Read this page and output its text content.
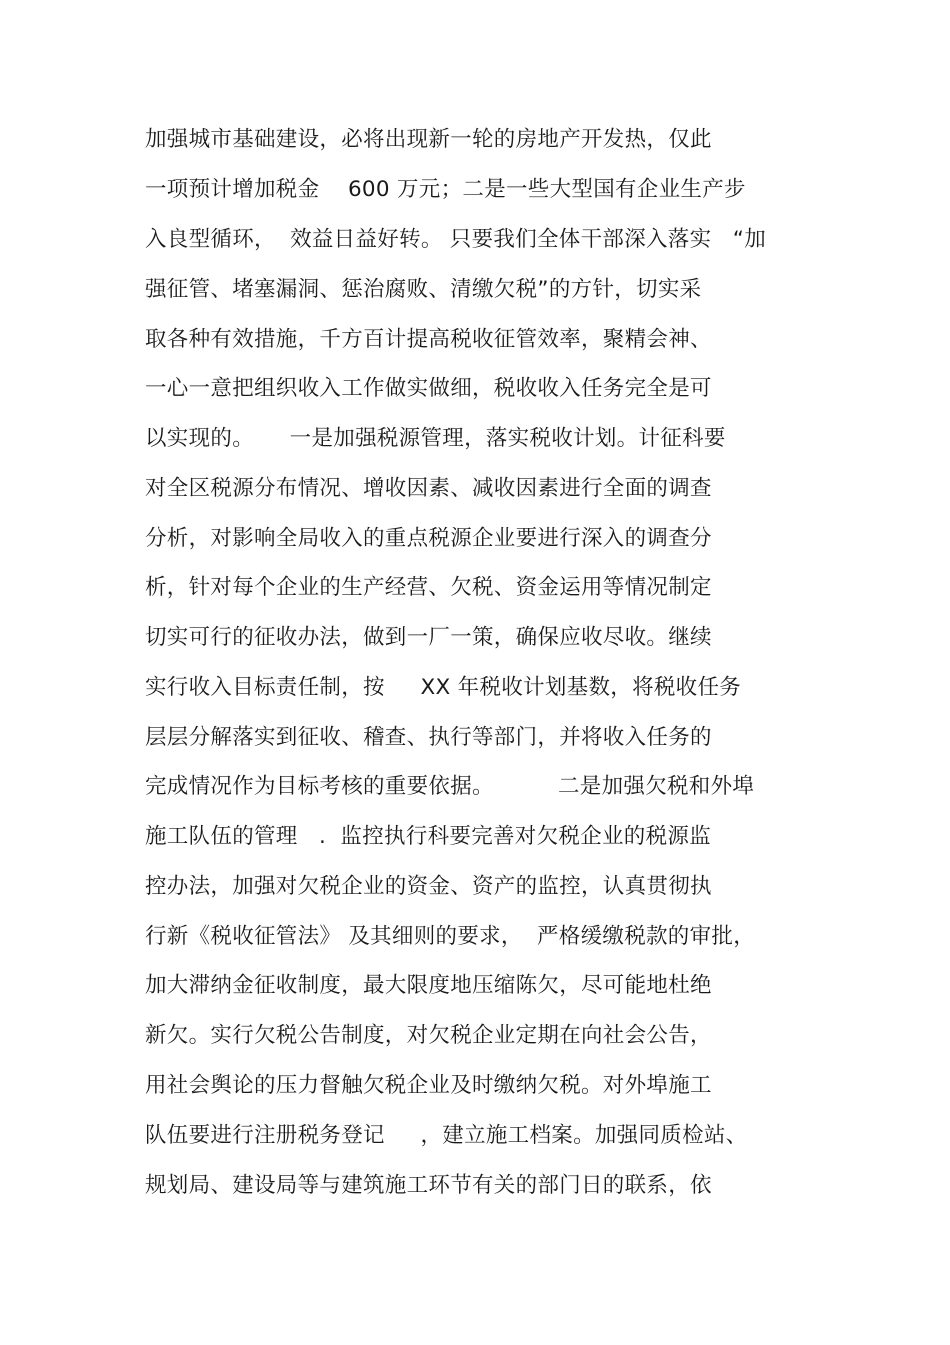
加强城市基础建设，必将出现新一轮的房地产开发热，仅此
一项预计增加税金    600 万元；二是一些大型国有企业生产步
入良型循环，  效益日益好转。 只要我们全体干部深入落实   “加
强征管、堵塞漏洞、惩治腐败、清缴欠税”的方针，切实采
取各种有效措施，千方百计提高税收征管效率，聚精会神、
一心一意把组织收入工作做实做细，税收收入任务完全是可
以实现的。     一是加强税源管理，落实税收计划。计征科要
对全区税源分布情况、增收因素、减收因素进行全面的调查
分析，对影响全局收入的重点税源企业要进行深入的调查分
析，针对每个企业的生产经营、欠税、资金运用等情况制定
切实可行的征收办法，做到一厂一策，确保应收尽收。继续
实行收入目标责任制，按     XX 年税收计划基数，将税收任务
层层分解落实到征收、稽查、执行等部门，并将收入任务的
完成情况作为目标考核的重要依据。         二是加强欠税和外埠
施工队伍的管理   .  监控执行科要完善对欠税企业的税源监
控办法，加强对欠税企业的资金、资产的监控，认真贯彻执
行新《税收征管法》 及其细则的要求，  严格缓缴税款的审批，
加大滞纳金征收制度，最大限度地压缩陈欠，尽可能地杜绝
新欠。实行欠税公告制度，对欠税企业定期在向社会公告，
用社会舆论的压力督触欠税企业及时缴纳欠税。对外埠施工
队伍要进行注册税务登记     ，建立施工档案。加强同质检站、
规划局、建设局等与建筑施工环节有关的部门日的联系，依
